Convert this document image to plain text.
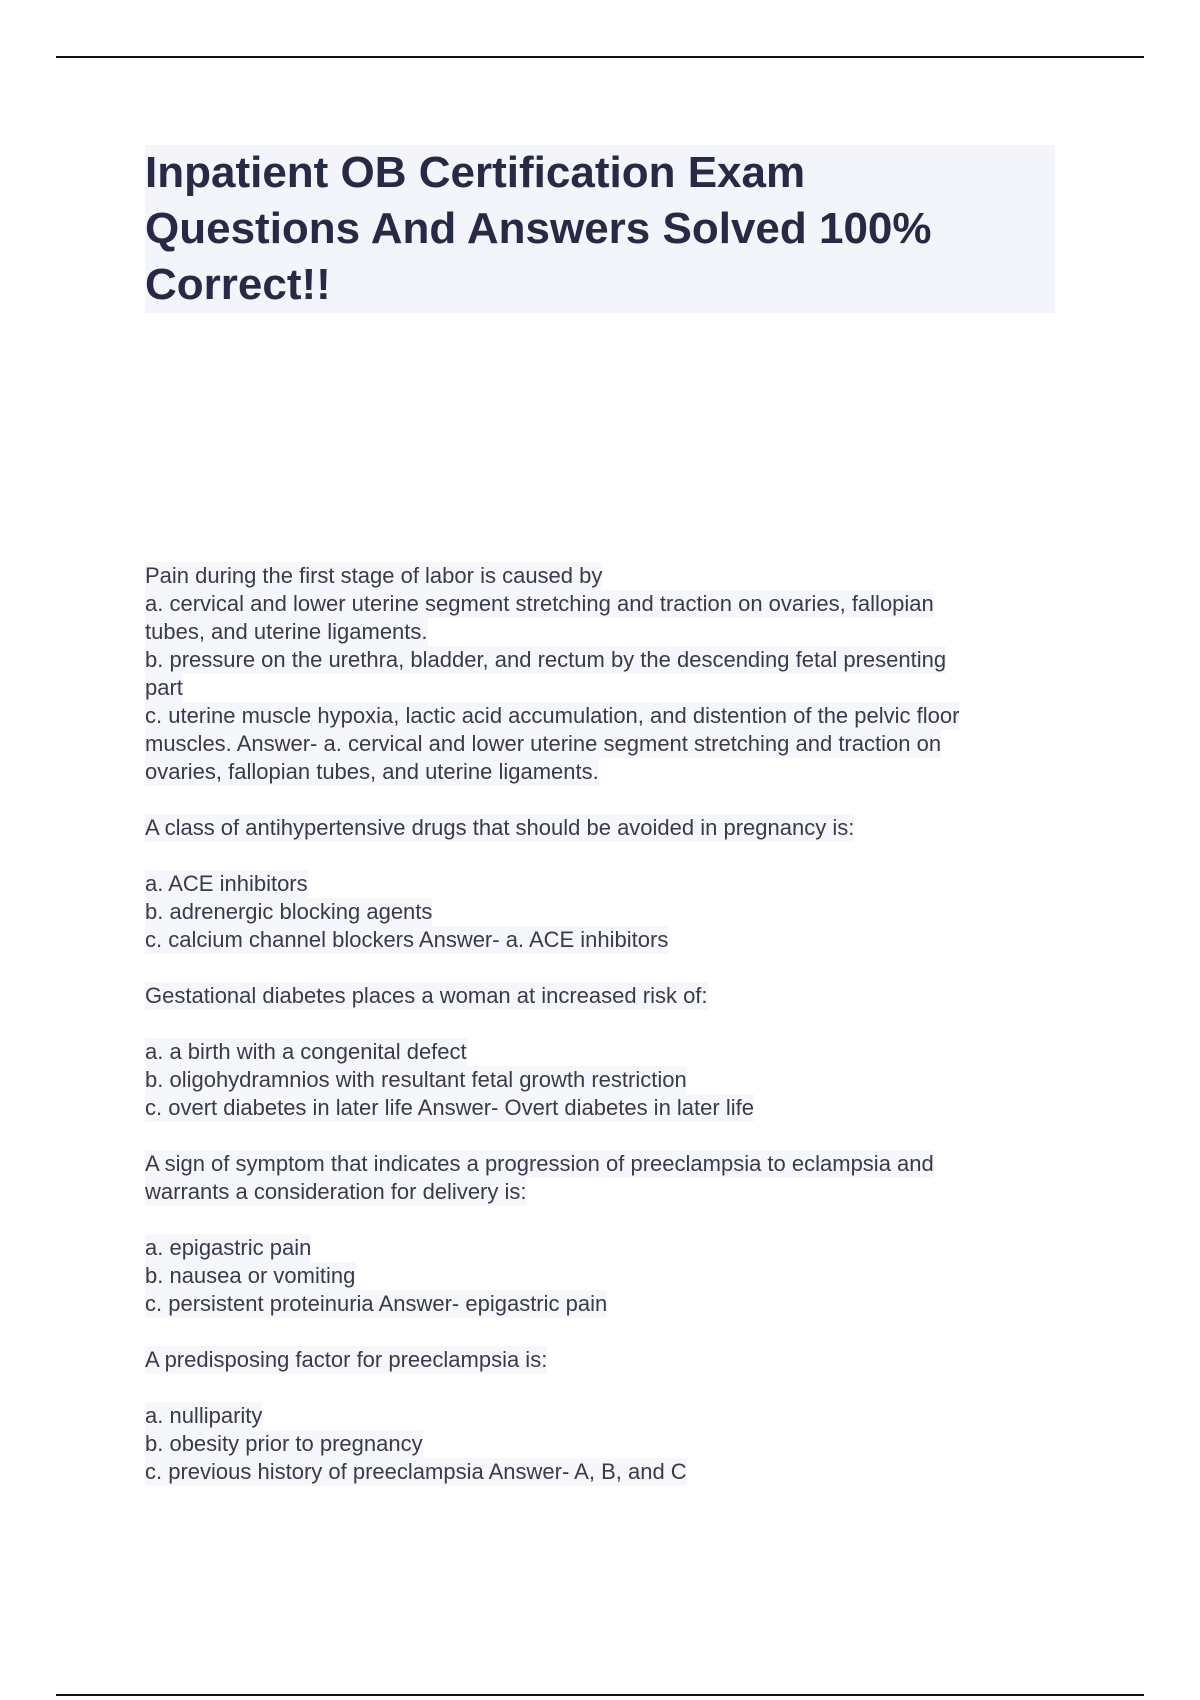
Inpatient OB Certification Exam
Questions And Answers Solved 100%
Correct!!
Pain during the first stage of labor is caused by
a. cervical and lower uterine segment stretching and traction on ovaries, fallopian
tubes, and uterine ligaments.
b. pressure on the urethra, bladder, and rectum by the descending fetal presenting
part
c. uterine muscle hypoxia, lactic acid accumulation, and distention of the pelvic floor
muscles. Answer- a. cervical and lower uterine segment stretching and traction on
ovaries, fallopian tubes, and uterine ligaments.
A class of antihypertensive drugs that should be avoided in pregnancy is:
a. ACE inhibitors
b. adrenergic blocking agents
c. calcium channel blockers Answer- a. ACE inhibitors
Gestational diabetes places a woman at increased risk of:
a. a birth with a congenital defect
b. oligohydramnios with resultant fetal growth restriction
c. overt diabetes in later life Answer- Overt diabetes in later life
A sign of symptom that indicates a progression of preeclampsia to eclampsia and
warrants a consideration for delivery is:
a. epigastric pain
b. nausea or vomiting
c. persistent proteinuria Answer- epigastric pain
A predisposing factor for preeclampsia is:
a. nulliparity
b. obesity prior to pregnancy
c. previous history of preeclampsia Answer- A, B, and C
